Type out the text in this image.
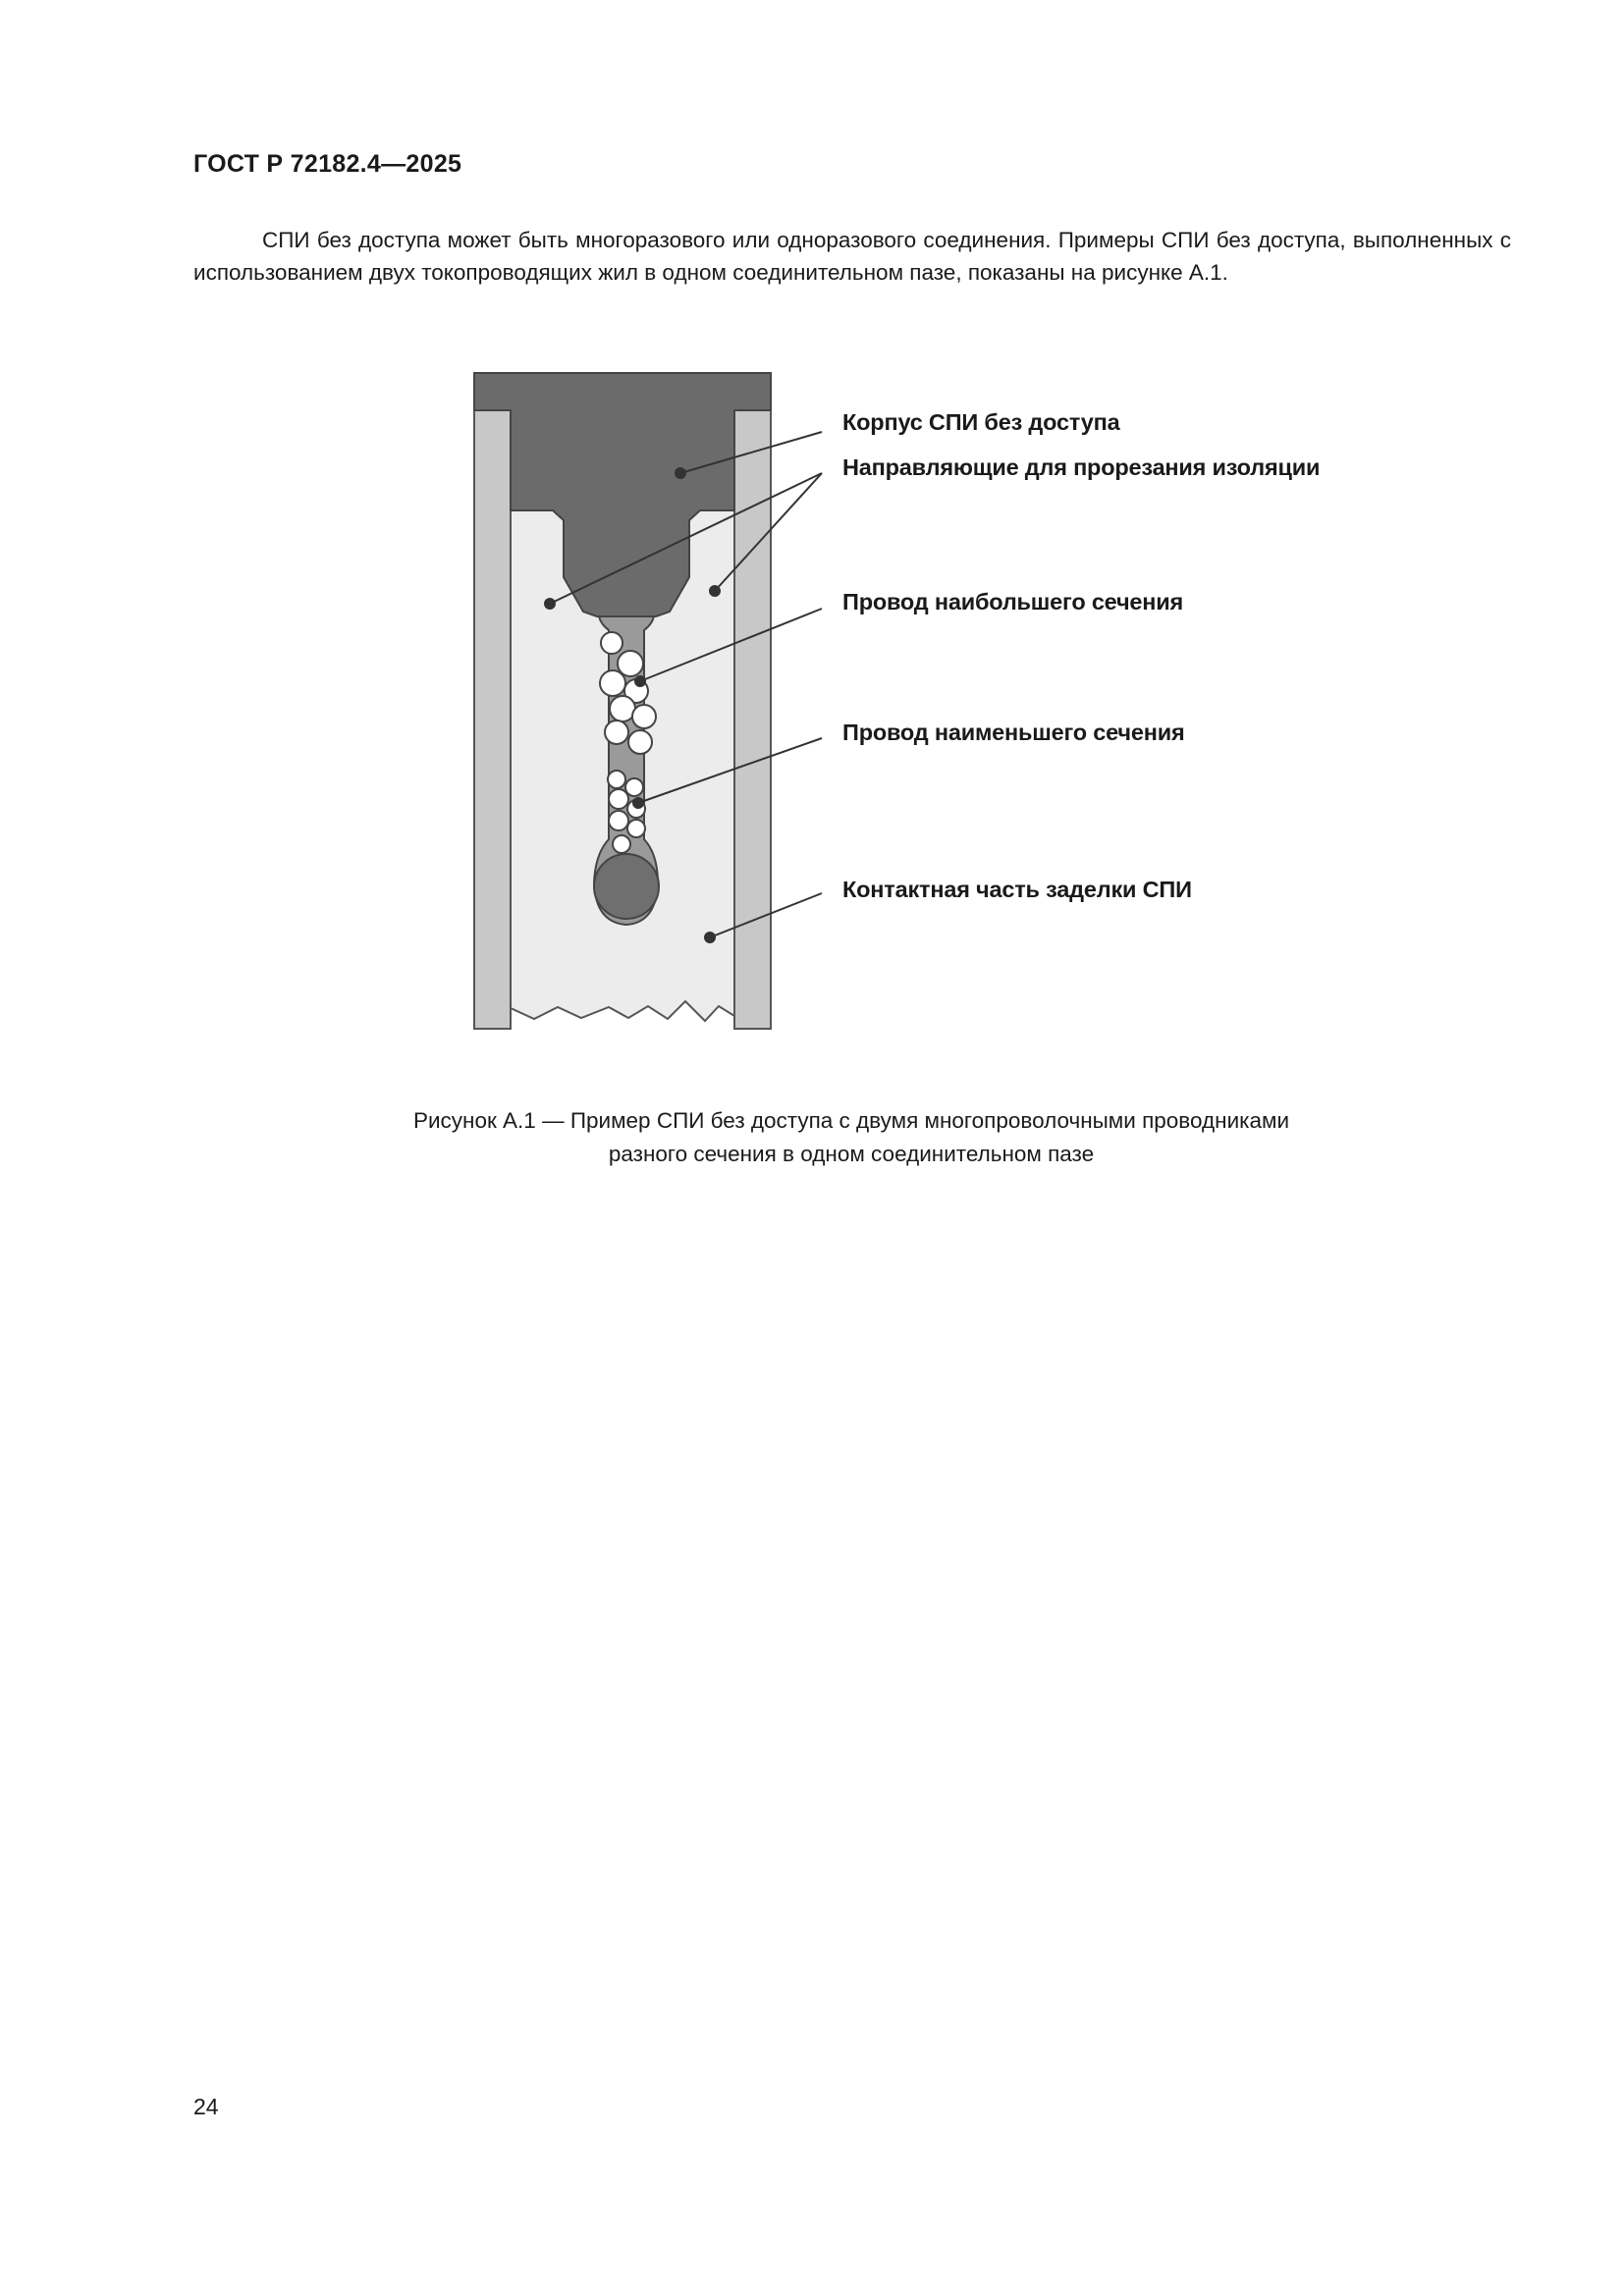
ГОСТ Р 72182.4—2025

СПИ без доступа может быть многоразового или одноразового соединения. Примеры СПИ без доступа, выполненных с использованием двух токопроводящих жил в одном соединительном пазе, показаны на рисунке А.1.

Корпус СПИ без доступа
Направляющие для прорезания изоляции
Провод наибольшего сечения
Провод наименьшего сечения
Контактная часть заделки СПИ
Рисунок А.1 — Пример СПИ без доступа с двумя многопроволочными проводниками
разного сечения в одном соединительном пазе
24
